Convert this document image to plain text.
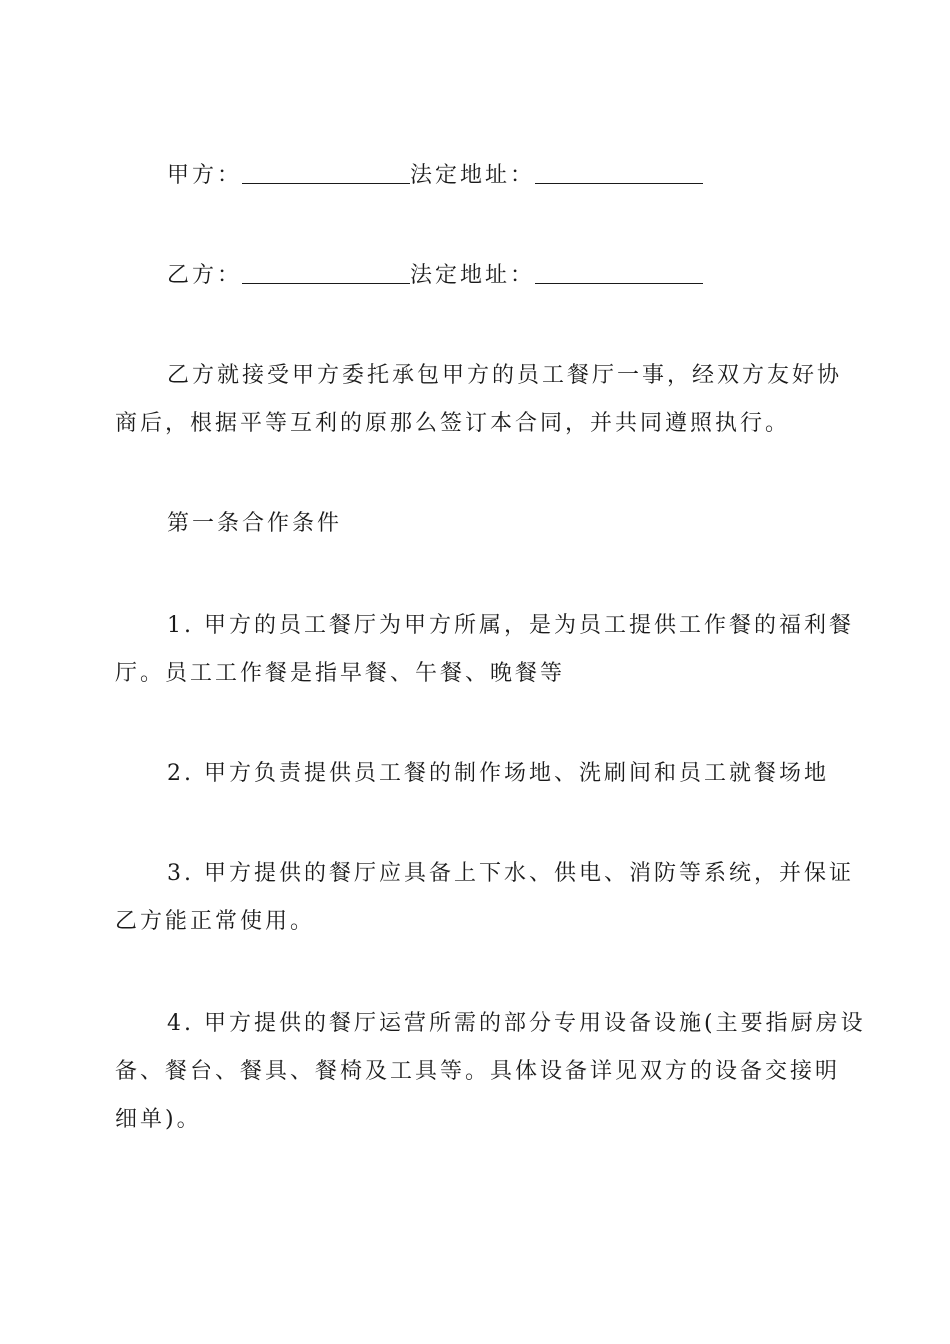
甲方：	法定地址：
乙方：	法定地址：
乙方就接受甲方委托承包甲方的员工餐厅一事，经双方友好协
商后，根据平等互利的原那么签订本合同，并共同遵照执行。
第一条合作条件
1. 甲方的员工餐厅为甲方所属，是为员工提供工作餐的福利餐
厅。员工工作餐是指早餐、午餐、晚餐等
2. 甲方负责提供员工餐的制作场地、洗刷间和员工就餐场地
3. 甲方提供的餐厅应具备上下水、供电、消防等系统，并保证
乙方能正常使用。
4. 甲方提供的餐厅运营所需的部分专用设备设施(主要指厨房设
备、餐台、餐具、餐椅及工具等。具体设备详见双方的设备交接明
细单)。
